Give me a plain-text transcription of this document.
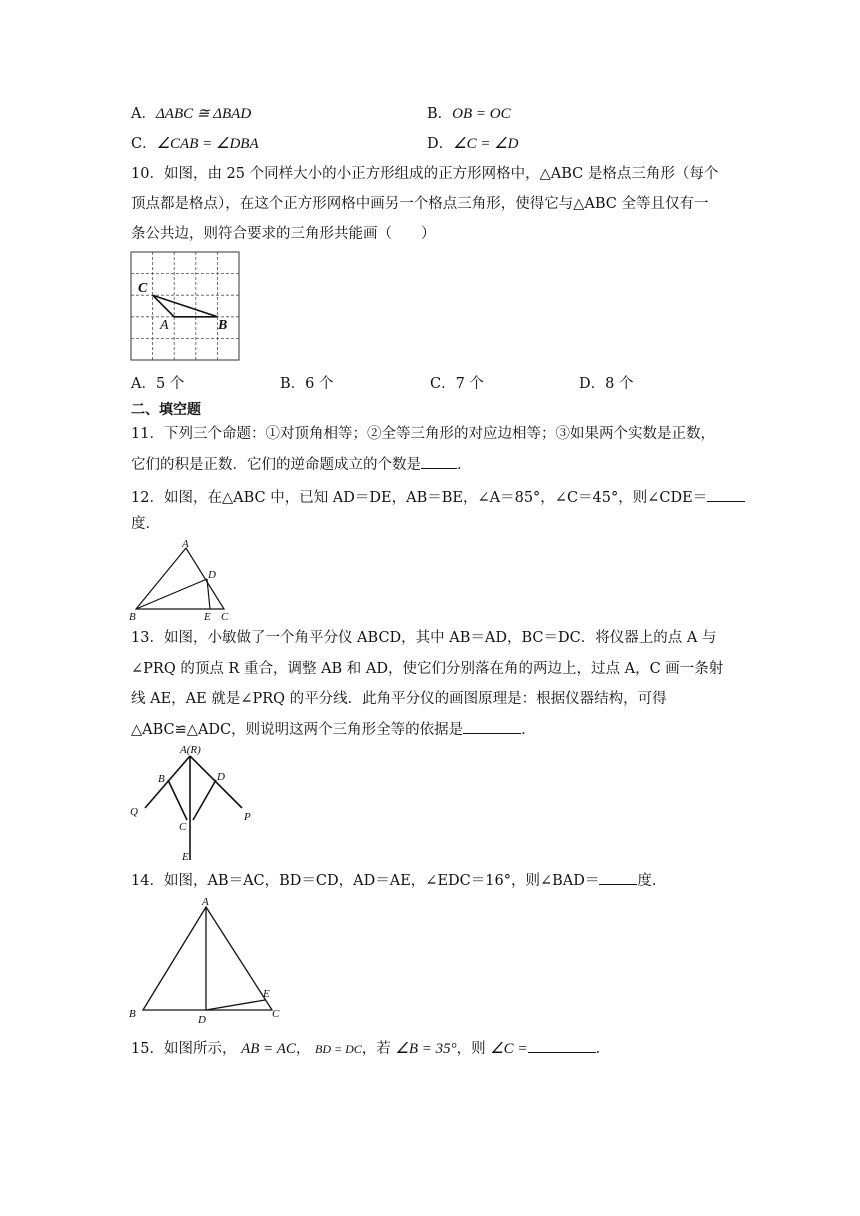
A．ΔABC ≅ ΔBAD	B．OB = OC
C．∠CAB = ∠DBA	D．∠C = ∠D
10．如图，由 25 个同样大小的小正方形组成的正方形网格中，△ABC 是格点三角形（每个
顶点都是格点），在这个正方形网格中画另一个格点三角形，使得它与△ABC 全等且仅有一
条公共边，则符合要求的三角形共能画（　　）
C
A	B
A．5 个	B．6 个	C．7 个	D．8 个
二、填空题
11．下列三个命题：①对顶角相等；②全等三角形的对应边相等；③如果两个实数是正数，
它们的积是正数．它们的逆命题成立的个数是 ．
12．如图，在△ABC 中，已知 AD＝DE，AB＝BE，∠A＝85°，∠C＝45°，则∠CDE＝
度．
A
D
B	E C
13．如图，小敏做了一个角平分仪 ABCD，其中 AB＝AD，BC＝DC．将仪器上的点 A 与
∠PRQ 的顶点 R 重合，调整 AB 和 AD，使它们分别落在角的两边上，过点 A，C 画一条射
线 AE，AE 就是∠PRQ 的平分线．此角平分仪的画图原理是：根据仪器结构，可得
△ABC≌△ADC，则说明这两个三角形全等的依据是	．
A(R)
B	D
Q	P
C
E
14．如图，AB＝AC，BD＝CD，AD＝AE，∠EDC＝16°，则∠BAD＝	度．
A
B	D
E
C
15．如图所示， AB = AC， BD = DC，若 ∠B = 35°，则 ∠C =	．
